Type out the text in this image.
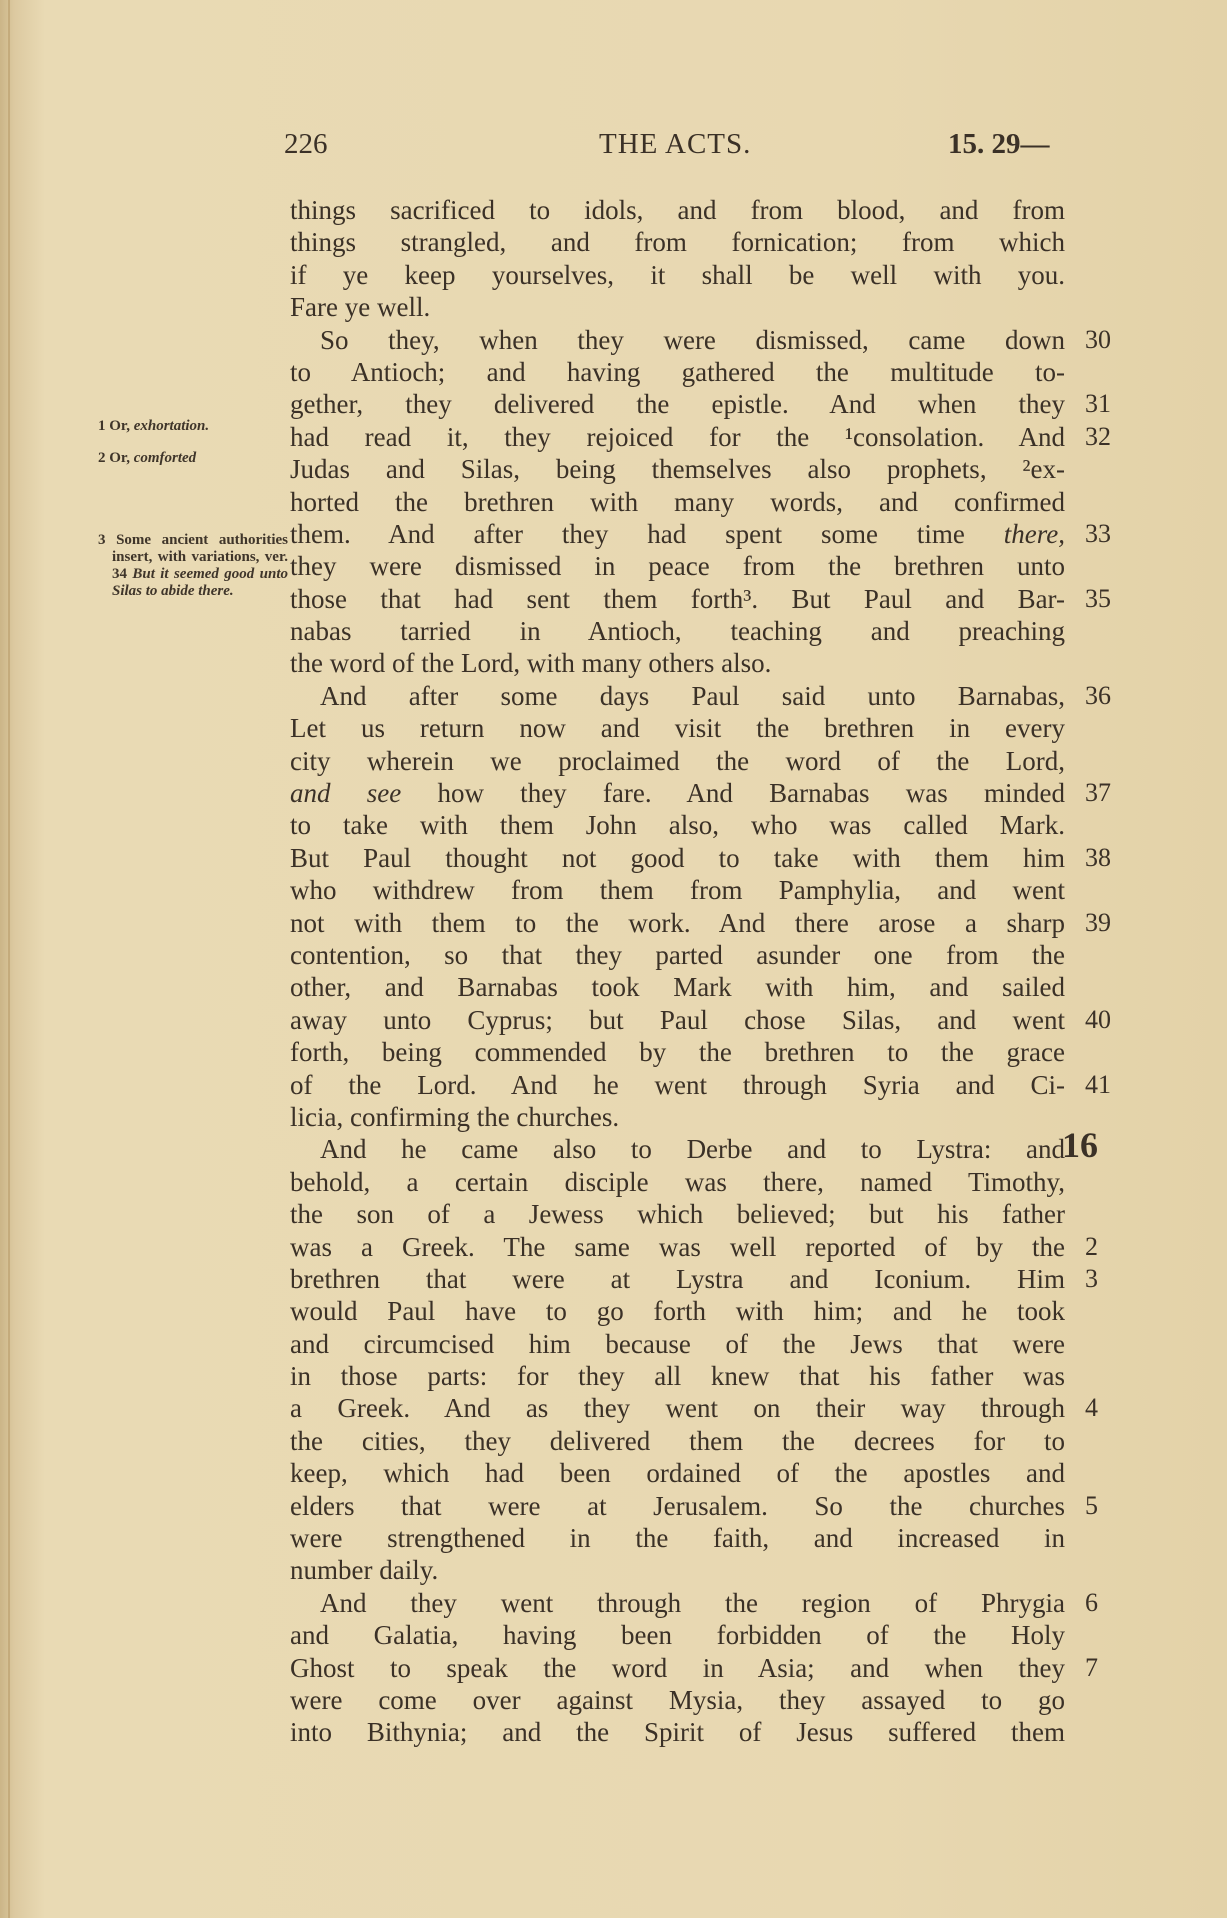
226	THE ACTS.	15. 29—
1 Or, exhortation.
2 Or, comforted
3 Some ancient authorities insert, with variations, ver. 34 But it seemed good unto Silas to abide there.
things sacrificed to idols, and from blood, and from
things strangled, and from fornication; from which
if ye keep yourselves, it shall be well with you.
Fare ye well.
So they, when they were dismissed, came down 30
to Antioch; and having gathered the multitude to-
gether, they delivered the epistle. And when they 31
had read it, they rejoiced for the ¹consolation. And 32
Judas and Silas, being themselves also prophets, ²ex-
horted the brethren with many words, and confirmed
them. And after they had spent some time there, 33
they were dismissed in peace from the brethren unto
those that had sent them forth³. But Paul and Bar- 35
nabas tarried in Antioch, teaching and preaching
the word of the Lord, with many others also.
And after some days Paul said unto Barnabas, 36
Let us return now and visit the brethren in every
city wherein we proclaimed the word of the Lord,
and see how they fare. And Barnabas was minded 37
to take with them John also, who was called Mark.
But Paul thought not good to take with them him 38
who withdrew from them from Pamphylia, and went
not with them to the work. And there arose a sharp 39
contention, so that they parted asunder one from the
other, and Barnabas took Mark with him, and sailed
away unto Cyprus; but Paul chose Silas, and went 40
forth, being commended by the brethren to the grace
of the Lord. And he went through Syria and Ci- 41
licia, confirming the churches.
And he came also to Derbe and to Lystra: and
16
behold, a certain disciple was there, named Timothy,
the son of a Jewess which believed; but his father
was a Greek. The same was well reported of by the 2
brethren that were at Lystra and Iconium. Him 3
would Paul have to go forth with him; and he took
and circumcised him because of the Jews that were
in those parts: for they all knew that his father was
a Greek. And as they went on their way through 4
the cities, they delivered them the decrees for to
keep, which had been ordained of the apostles and
elders that were at Jerusalem. So the churches 5
were strengthened in the faith, and increased in
number daily.
And they went through the region of Phrygia 6
and Galatia, having been forbidden of the Holy
Ghost to speak the word in Asia; and when they 7
were come over against Mysia, they assayed to go
into Bithynia; and the Spirit of Jesus suffered them
